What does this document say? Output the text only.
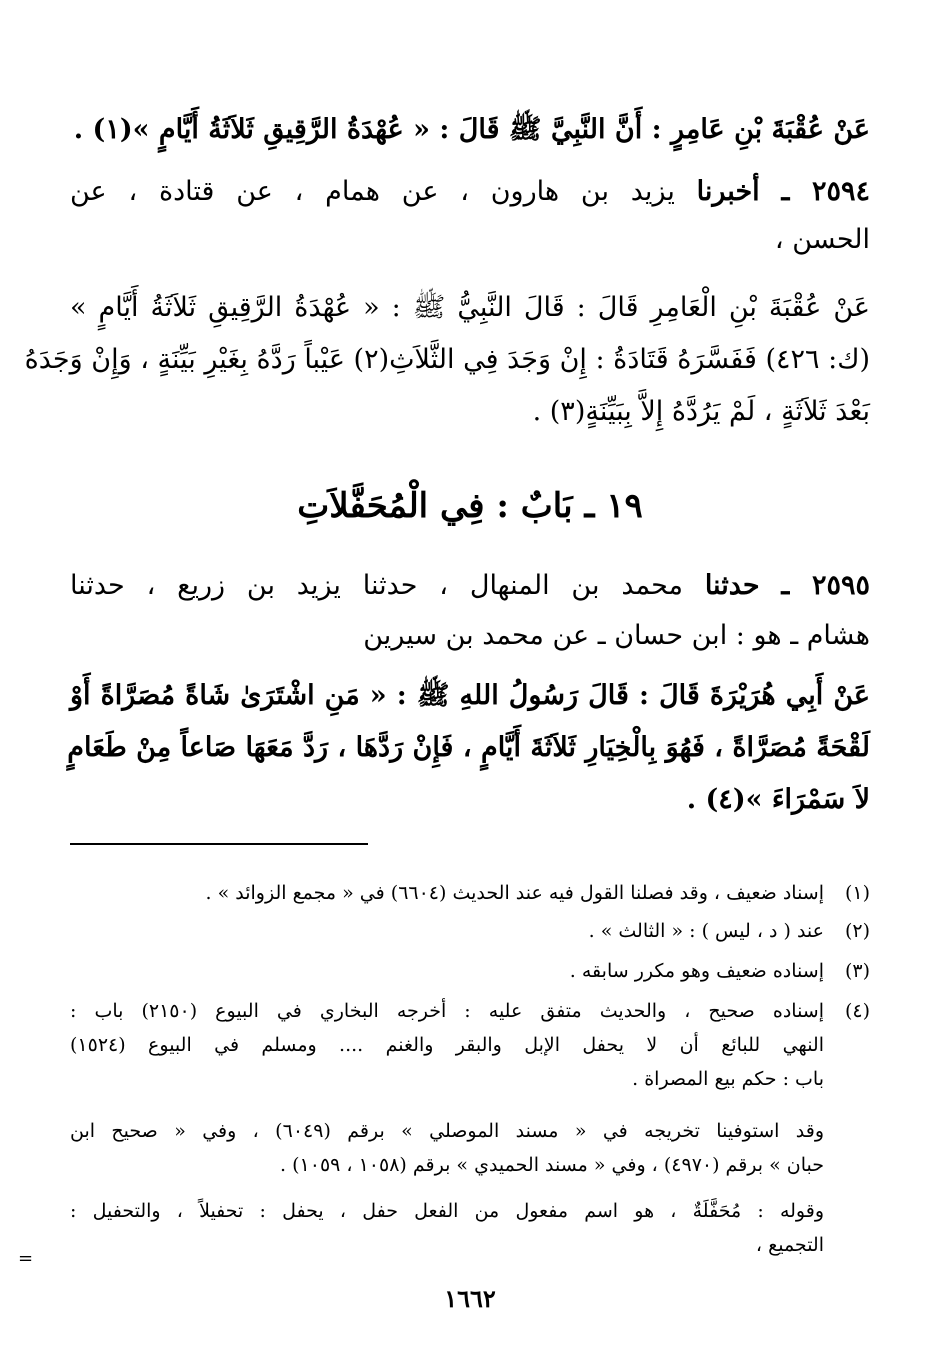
عَنْ عُقْبَةَ بْنِ عَامِرٍ : أَنَّ النَّبِيَّ ﷺ قَالَ : « عُهْدَةُ الرَّقِيقِ ثَلاَثَةُ أَيَّامٍ »(١) .
٢٥٩٤ ـ أخبرنا يزيد بن هارون ، عن همام ، عن قتادة ، عن
الحسن ،
عَنْ عُقْبَةَ بْنِ الْعَامِرِ قَالَ : قَالَ النَّبِيُّ ﷺ : « عُهْدَةُ الرَّقِيقِ ثَلاَثَةُ أَيَّامٍ »
(ك: ٤٢٦) فَفَسَّرَهُ قَتَادَةُ : إِنْ وَجَدَ فِي الثَّلاَثِ(٢) عَيْباً رَدَّهُ بِغَيْرِ بَيِّنَةٍ ، وَإِنْ وَجَدَهُ
بَعْدَ ثَلاَثَةٍ ، لَمْ يَرُدَّهُ إِلاَّ بِبَيِّنَةٍ(٣) .
١٩ ـ بَابٌ : فِي الْمُحَفَّلاَتِ
٢٥٩٥ ـ حدثنا محمد بن المنهال ، حدثنا يزيد بن زريع ، حدثنا
هشام ـ هو : ابن حسان ـ عن محمد بن سيرين
عَنْ أَبِي هُرَيْرَةَ قَالَ : قَالَ رَسُولُ اللهِ ﷺ : « مَنِ اشْتَرَىٰ شَاةً مُصَرَّاةً أَوْ
لَقْحَةً مُصَرَّاةً ، فَهُوَ بِالْخِيَارِ ثَلاَثَةَ أَيَّامٍ ، فَإِنْ رَدَّهَا ، رَدَّ مَعَهَا صَاعاً مِنْ طَعَامٍ
لاَ سَمْرَاءَ »(٤) .
(١)
إسناد ضعيف ، وقد فصلنا القول فيه عند الحديث (٦٦٠٤) في « مجمع الزوائد » .
(٢)
عند ( د ، ليس ) : « الثالث » .
(٣)
إسناده ضعيف وهو مكرر سابقه .
(٤)
إسناده صحيح ، والحديث متفق عليه : أخرجه البخاري في البيوع (٢١٥٠) باب :
النهي للبائع أن لا يحفل الإبل والبقر والغنم .... ومسلم في البيوع (١٥٢٤)
باب : حكم بيع المصراة .
وقد استوفينا تخريجه في « مسند الموصلي » برقم (٦٠٤٩) ، وفي « صحيح ابن
حبان » برقم (٤٩٧٠) ، وفي « مسند الحميدي » برقم (١٠٥٨ ، ١٠٥٩) .
وقوله : مُحَفَّلَةٌ ، هو اسم مفعول من الفعل حفل ، يحفل : تحفيلاً ، والتحفيل :
التجميع ،
١٦٦٢
=
